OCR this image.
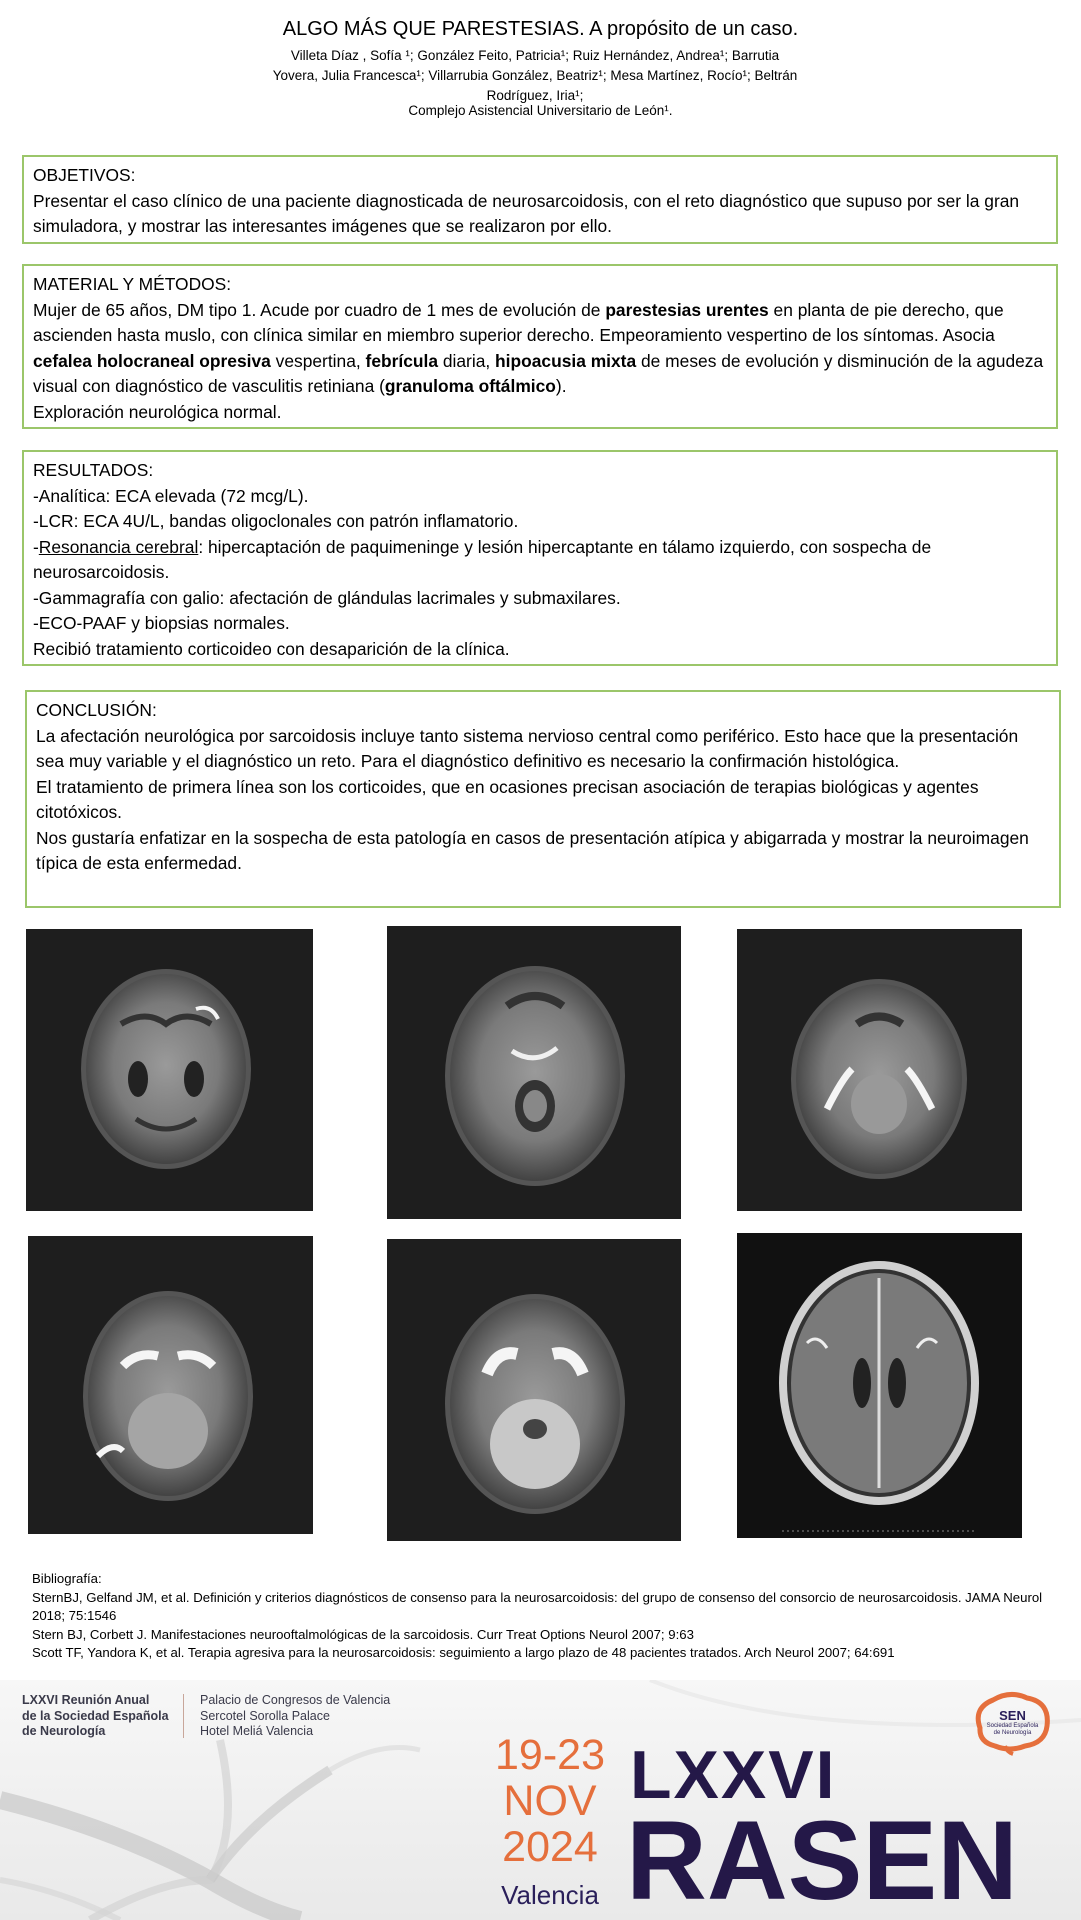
ALGO MÁS QUE PARESTESIAS. A propósito de un caso.
Villeta Díaz , Sofía ¹; González Feito, Patricia¹; Ruiz Hernández, Andrea¹; Barrutia
Yovera, Julia Francesca¹; Villarrubia González, Beatriz¹; Mesa Martínez, Rocío¹; Beltrán
Rodríguez, Iria¹;
Complejo Asistencial Universitario de León¹.

OBJETIVOS:

Presentar el caso clínico de una paciente diagnosticada de neurosarcoidosis, con el reto diagnóstico que supuso por ser la gran simuladora, y mostrar las interesantes imágenes que se realizaron por ello.

MATERIAL Y MÉTODOS:

Mujer de 65 años, DM tipo 1. Acude por cuadro de 1 mes de evolución de parestesias urentes en planta de pie derecho, que ascienden hasta muslo, con clínica similar en miembro superior derecho. Empeoramiento vespertino de los síntomas. Asocia cefalea holocraneal opresiva vespertina, febrícula diaria, hipoacusia mixta de meses de evolución y disminución de la agudeza visual con diagnóstico de vasculitis retiniana (granuloma oftálmico).

Exploración neurológica normal.

RESULTADOS:

-Analítica: ECA elevada (72 mcg/L).

-LCR: ECA 4U/L, bandas oligoclonales con patrón inflamatorio.

-Resonancia cerebral: hipercaptación de paquimeninge y lesión hipercaptante en tálamo izquierdo, con sospecha de neurosarcoidosis.

-Gammagrafía con galio: afectación de glándulas lacrimales y submaxilares.

-ECO-PAAF y biopsias normales.

Recibió tratamiento corticoideo con desaparición de la clínica.

CONCLUSIÓN:

La afectación neurológica por sarcoidosis incluye tanto sistema nervioso central como periférico. Esto hace que la presentación sea muy variable y el diagnóstico un reto. Para el diagnóstico definitivo es necesario la confirmación histológica.

El tratamiento de primera línea son los corticoides, que en ocasiones precisan asociación de terapias biológicas y agentes citotóxicos.

Nos gustaría enfatizar en la sospecha de esta patología en casos de presentación atípica y abigarrada y mostrar la neuroimagen típica de esta enfermedad.

Bibliografía:
SternBJ, Gelfand JM, et al. Definición y criterios diagnósticos de consenso para la neurosarcoidosis: del grupo de consenso del consorcio de neurosarcoidosis. JAMA Neurol 2018; 75:1546
Stern BJ, Corbett J. Manifestaciones neurooftalmológicas de la sarcoidosis. Curr Treat Options Neurol 2007; 9:63
Scott TF, Yandora K, et al. Terapia agresiva para la neurosarcoidosis: seguimiento a largo plazo de 48 pacientes tratados. Arch Neurol 2007; 64:691
LXXVI Reunión Anual
de la Sociedad Española
de Neurología
Palacio de Congresos de Valencia
Sercotel Sorolla Palace
Hotel Meliá Valencia	19-23
NOV
2024
Valencia
LXXVI
RASEN
SEN
Sociedad Española
de Neurología
